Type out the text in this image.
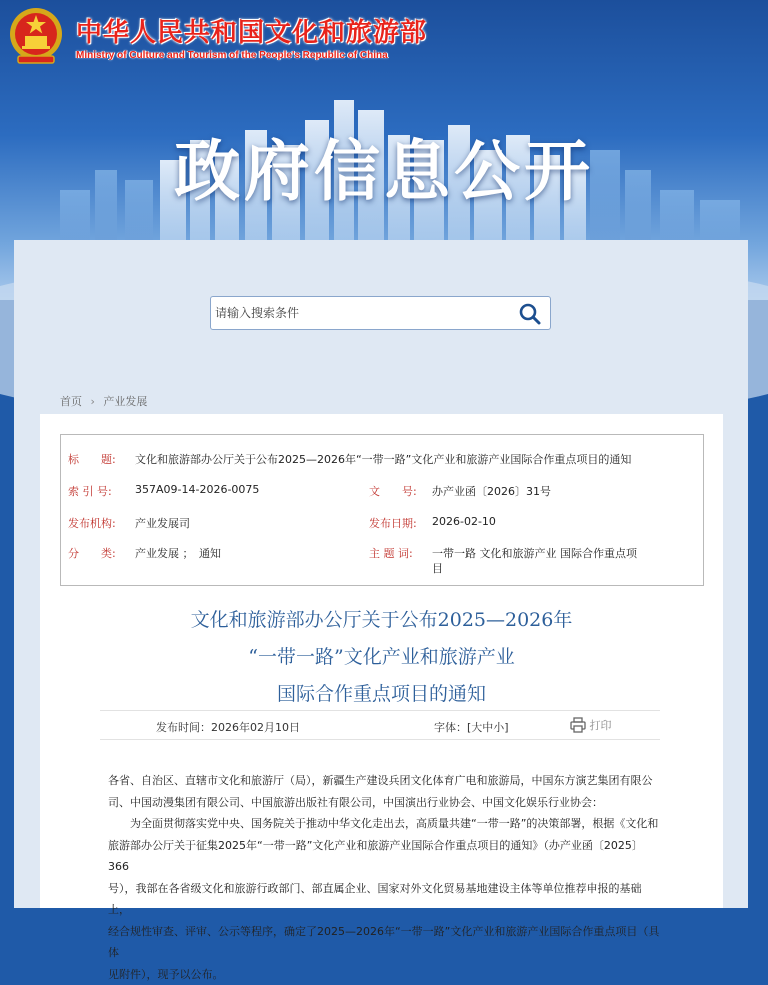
中华人民共和国文化和旅游部
Ministry of Culture and Tourism of the People's Republic of China
政府信息公开
请输入搜索条件
首页 › 产业发展
标　　题: 文化和旅游部办公厅关于公布2025—2026年“一带一路”文化产业和旅游产业国际合作重点项目的通知
索 引 号: 357A09-14-2026-0075	文　　号: 办产业函〔2026〕31号
发布机构: 产业发展司	发布日期: 2026-02-10
分　　类: 产业发展 ；　通知	主 题 词: 一带一路 文化和旅游产业 国际合作重点项
目
文化和旅游部办公厅关于公布2025—2026年
“一带一路”文化产业和旅游产业
国际合作重点项目的通知
发布时间：2026年02月10日	字体：[大中小]	打印

各省、自治区、直辖市文化和旅游厅（局），新疆生产建设兵团文化体育广电和旅游局，中国东方演艺集团有限公

司、中国动漫集团有限公司、中国旅游出版社有限公司，中国演出行业协会、中国文化娱乐行业协会：

为全面贯彻落实党中央、国务院关于推动中华文化走出去，高质量共建“一带一路”的决策部署，根据《文化和

旅游部办公厅关于征集2025年“一带一路”文化产业和旅游产业国际合作重点项目的通知》（办产业函〔2025〕366

号），我部在各省级文化和旅游行政部门、部直属企业、国家对外文化贸易基地建设主体等单位推荐申报的基础上，

经合规性审查、评审、公示等程序，确定了2025—2026年“一带一路”文化产业和旅游产业国际合作重点项目（具体

见附件），现予以公布。
